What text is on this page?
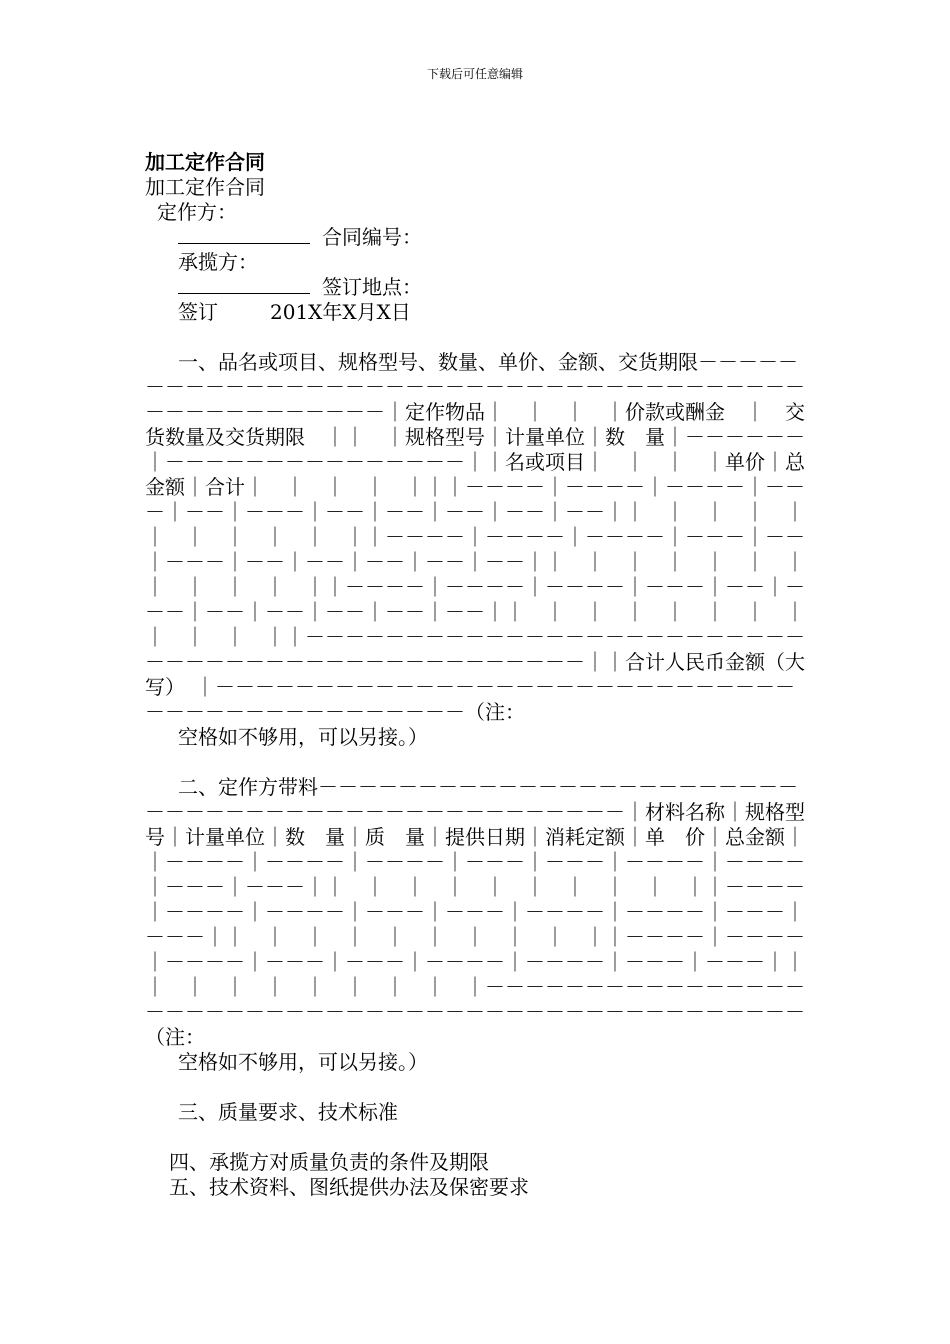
下载后可任意编辑
加工定作合同
加工定作合同
定作方：
合同编号：
承揽方：
签订地点：
签订	201X年X月X日
一、品名或项目、规格型号、数量、单价、金额、交货期限－－－－－－－－－－－－－－－－－－－－－－－－－－－－－－－－－－－－－－－－－－－－－－－－－－｜定作物品｜　｜　｜　｜价款或酬金　｜　交货数量及交货期限　｜｜　｜规格型号｜计量单位｜数　量｜－－－－－－｜－－－－－－－－－－－－－－－｜｜名或项目｜　｜　｜　｜单价｜总金额｜合计｜　｜　｜　｜　｜｜｜－－－－｜－－－－｜－－－－｜－－－｜－－｜－－－｜－－｜－－｜－－｜－－｜－－｜｜　｜　｜　｜　｜　｜　｜　｜　｜　｜　｜｜－－－－｜－－－－｜－－－－｜－－－｜－－｜－－－｜－－｜－－｜－－｜－－｜－－｜｜　｜　｜　｜　｜　｜　｜　｜　｜　｜　｜　｜｜－－－－｜－－－－｜－－－－｜－－－｜－－｜－－－｜－－｜－－｜－－｜－－｜－－｜｜　｜　｜　｜　｜　｜　｜　｜　｜　｜　｜　｜｜－－－－－－－－－－－－－－－－－－－－－－－－－－－－－－－－－－－－－－－－－－－－－－－｜｜合计人民币金额（大写）　｜－－－－－－－－－－－－－－－－－－－－－－－－－－－－－－－－－－－－－－－－－－－－－（注：
空格如不够用，可以另接。）
二、定作方带料－－－－－－－－－－－－－－－－－－－－－－－－－－－－－－－－－－－－－－－－－－－－－－－－｜材料名称｜规格型号｜计量单位｜数　量｜质　量｜提供日期｜消耗定额｜单　价｜总金额｜｜－－－－｜－－－－｜－－－－｜－－－｜－－－｜－－－－｜－－－－｜－－－｜－－－｜｜　｜　｜　｜　｜　｜　｜　｜　｜　｜｜－－－－｜－－－－｜－－－－｜－－－｜－－－｜－－－－｜－－－－｜－－－｜－－－｜｜　｜　｜　｜　｜　｜　｜　｜　｜　｜｜－－－－｜－－－－｜－－－－｜－－－｜－－－｜－－－－｜－－－－｜－－－｜－－－｜｜　｜　｜　｜　｜　｜　｜　｜　｜　｜－－－－－－－－－－－－－－－－－－－－－－－－－－－－－－－－－－－－－－－－－－－－－－－－－（注：
空格如不够用，可以另接。）
三、质量要求、技术标准
四、承揽方对质量负责的条件及期限
五、技术资料、图纸提供办法及保密要求
